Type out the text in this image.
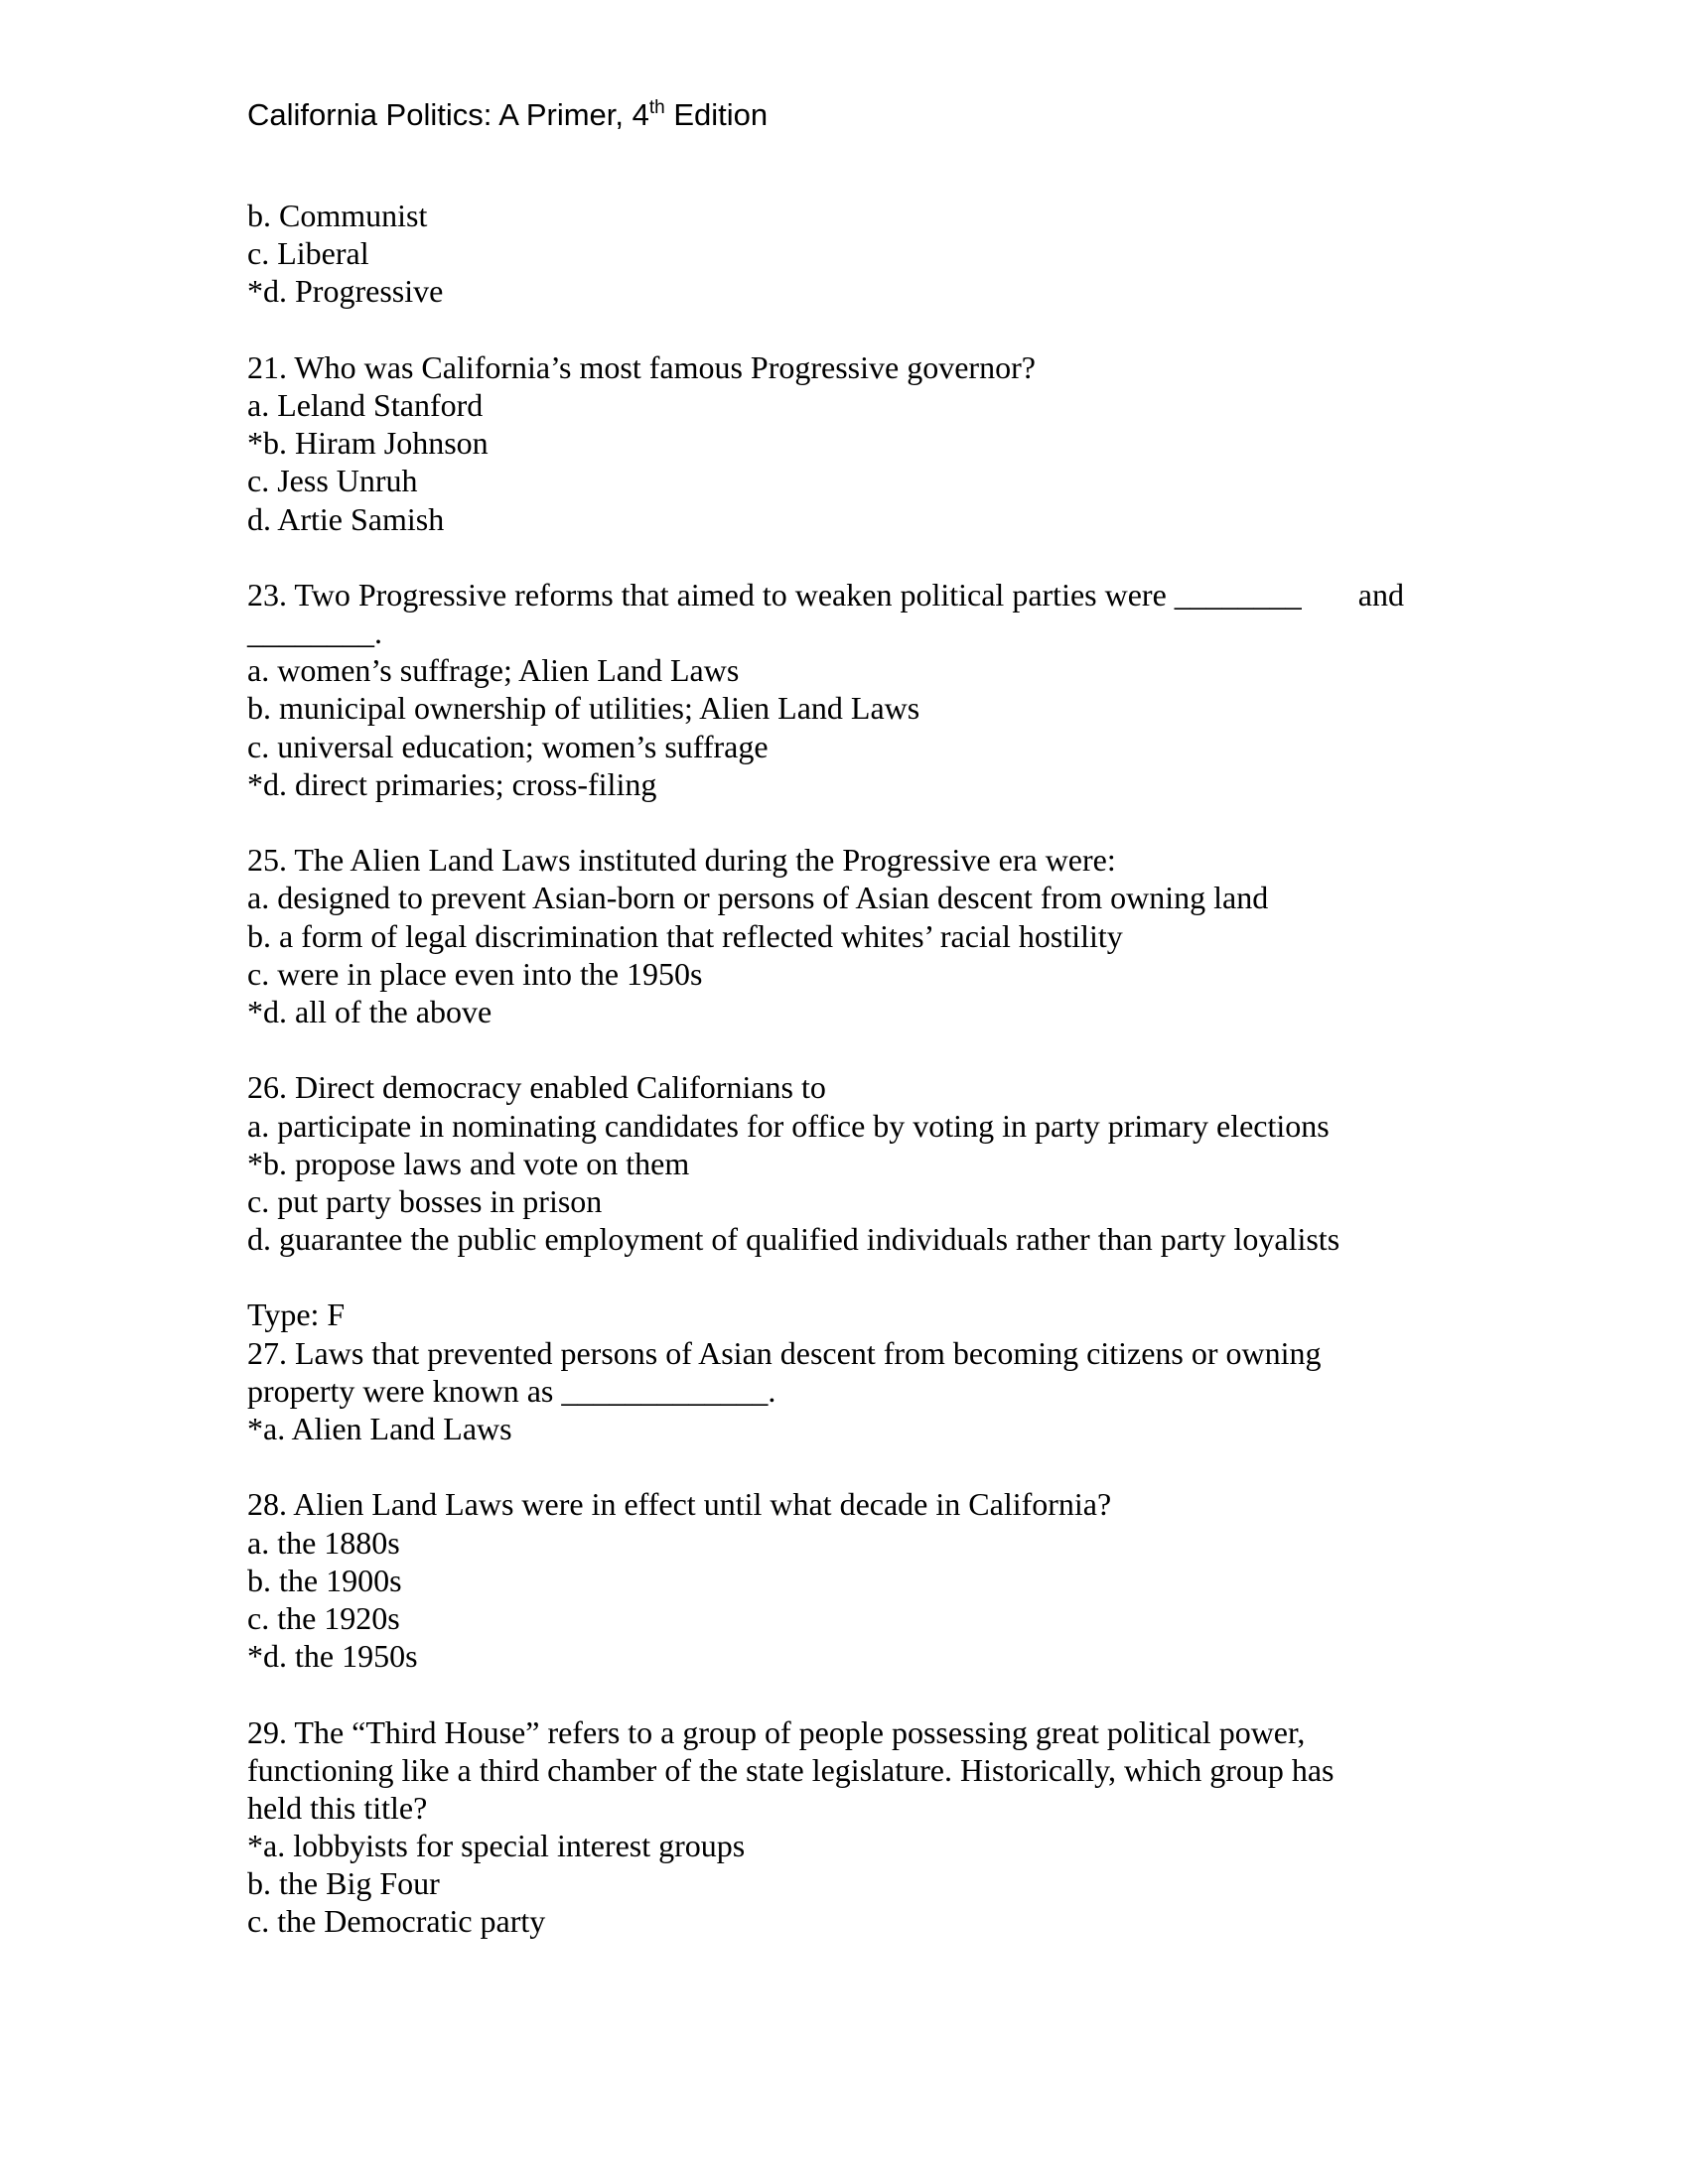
California Politics: A Primer, 4th Edition
b. Communist
c. Liberal
*d. Progressive
21. Who was California’s most famous Progressive governor?
a. Leland Stanford
*b. Hiram Johnson
c. Jess Unruh
d. Artie Samish
23. Two Progressive reforms that aimed to weaken political parties were ________ and
________.
a. women’s suffrage; Alien Land Laws
b. municipal ownership of utilities; Alien Land Laws
c. universal education; women’s suffrage
*d. direct primaries; cross-filing
25. The Alien Land Laws instituted during the Progressive era were:
a. designed to prevent Asian-born or persons of Asian descent from owning land
b. a form of legal discrimination that reflected whites’ racial hostility
c. were in place even into the 1950s
*d. all of the above
26. Direct democracy enabled Californians to
a. participate in nominating candidates for office by voting in party primary elections
*b. propose laws and vote on them
c. put party bosses in prison
d. guarantee the public employment of qualified individuals rather than party loyalists
Type: F
27. Laws that prevented persons of Asian descent from becoming citizens or owning
property were known as _____________.
*a. Alien Land Laws
28. Alien Land Laws were in effect until what decade in California?
a. the 1880s
b. the 1900s
c. the 1920s
*d. the 1950s
29. The “Third House” refers to a group of people possessing great political power,
functioning like a third chamber of the state legislature. Historically, which group has
held this title?
*a. lobbyists for special interest groups
b. the Big Four
c. the Democratic party
